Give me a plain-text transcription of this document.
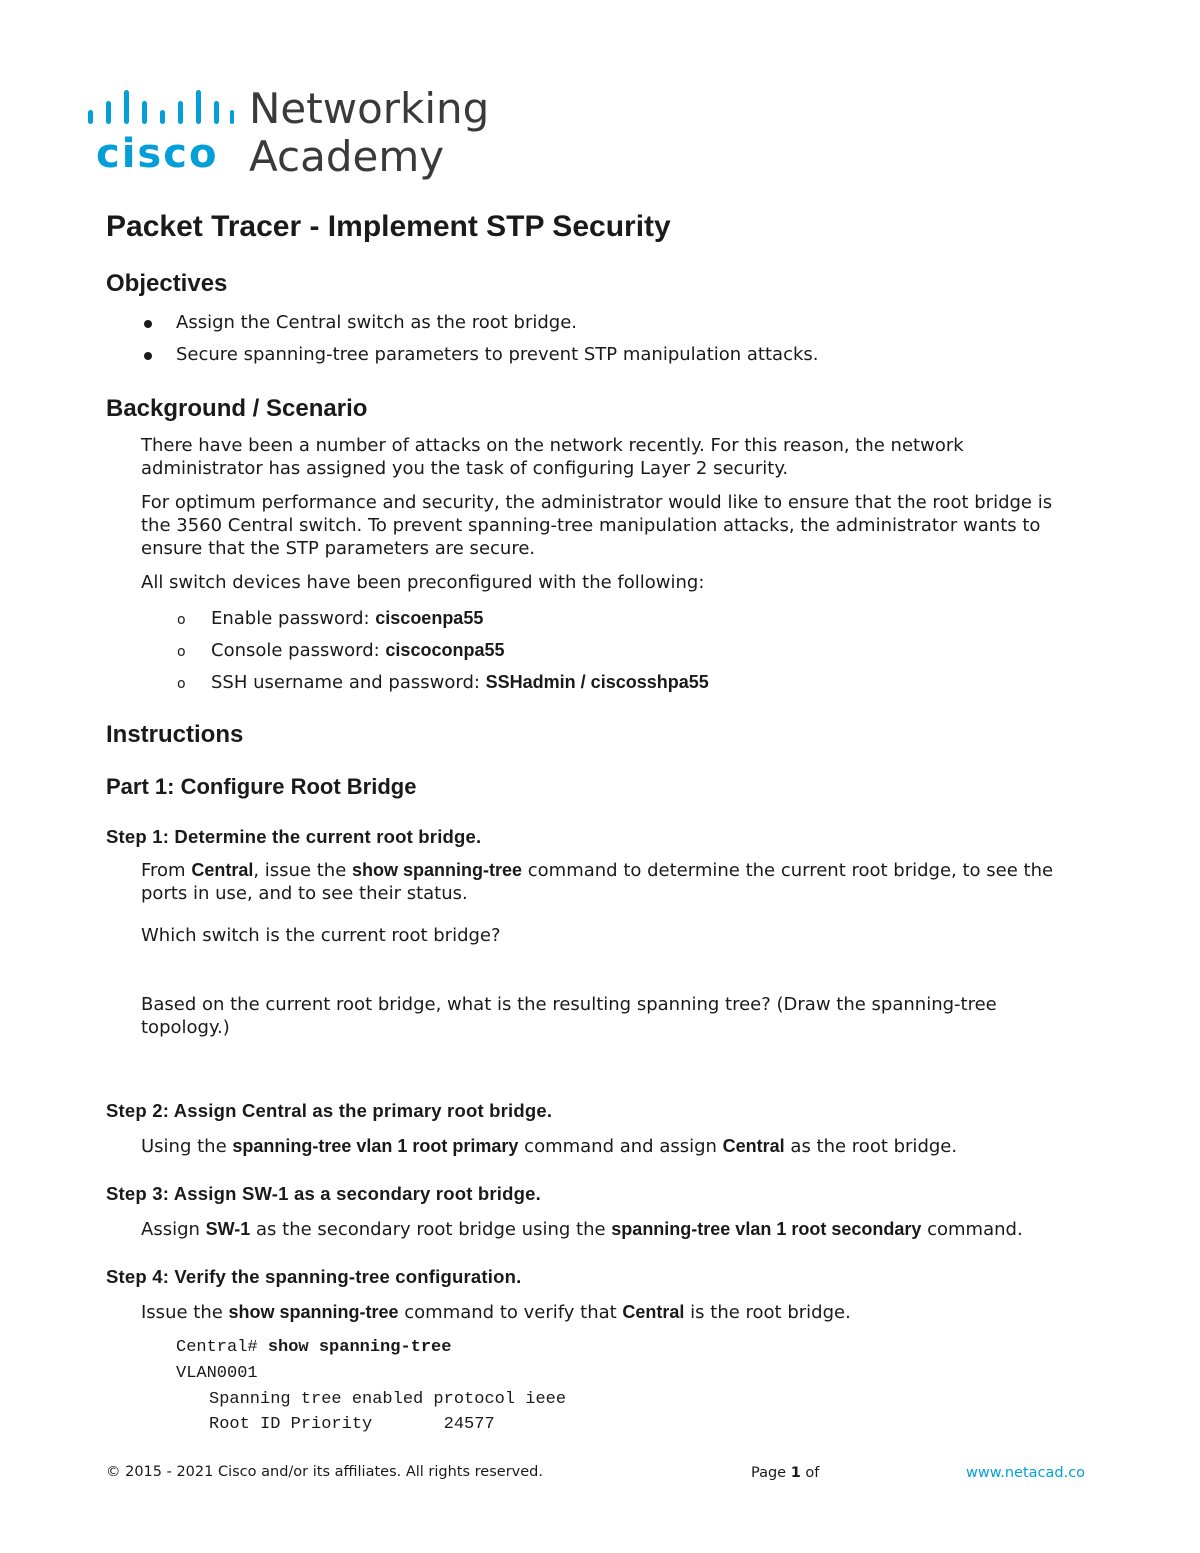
cisco
Networking
Academy
Packet Tracer - Implement STP Security
Objectives
Assign the Central switch as the root bridge.
Secure spanning-tree parameters to prevent STP manipulation attacks.
Background / Scenario
There have been a number of attacks on the network recently. For this reason, the network administrator has assigned you the task of configuring Layer 2 security.
For optimum performance and security, the administrator would like to ensure that the root bridge is the 3560 Central switch. To prevent spanning-tree manipulation attacks, the administrator wants to ensure that the STP parameters are secure.
All switch devices have been preconfigured with the following:
o Enable password: ciscoenpa55
o Console password: ciscoconpa55
o SSH username and password: SSHadmin / ciscosshpa55
Instructions
Part 1: Configure Root Bridge
Step 1: Determine the current root bridge.
From Central, issue the show spanning-tree command to determine the current root bridge, to see the ports in use, and to see their status.
Which switch is the current root bridge?
Based on the current root bridge, what is the resulting spanning tree? (Draw the spanning-tree topology.)
Step 2: Assign Central as the primary root bridge.
Using the spanning-tree vlan 1 root primary command and assign Central as the root bridge.
Step 3: Assign SW-1 as a secondary root bridge.
Assign SW-1 as the secondary root bridge using the spanning-tree vlan 1 root secondary command.
Step 4: Verify the spanning-tree configuration.
Issue the show spanning-tree command to verify that Central is the root bridge.
Central# show spanning-tree
VLAN0001
Spanning tree enabled protocol ieee
Root ID Priority       24577
© 2015 - 2021 Cisco and/or its affiliates. All rights reserved.	Page 1 of	www.netacad.co
